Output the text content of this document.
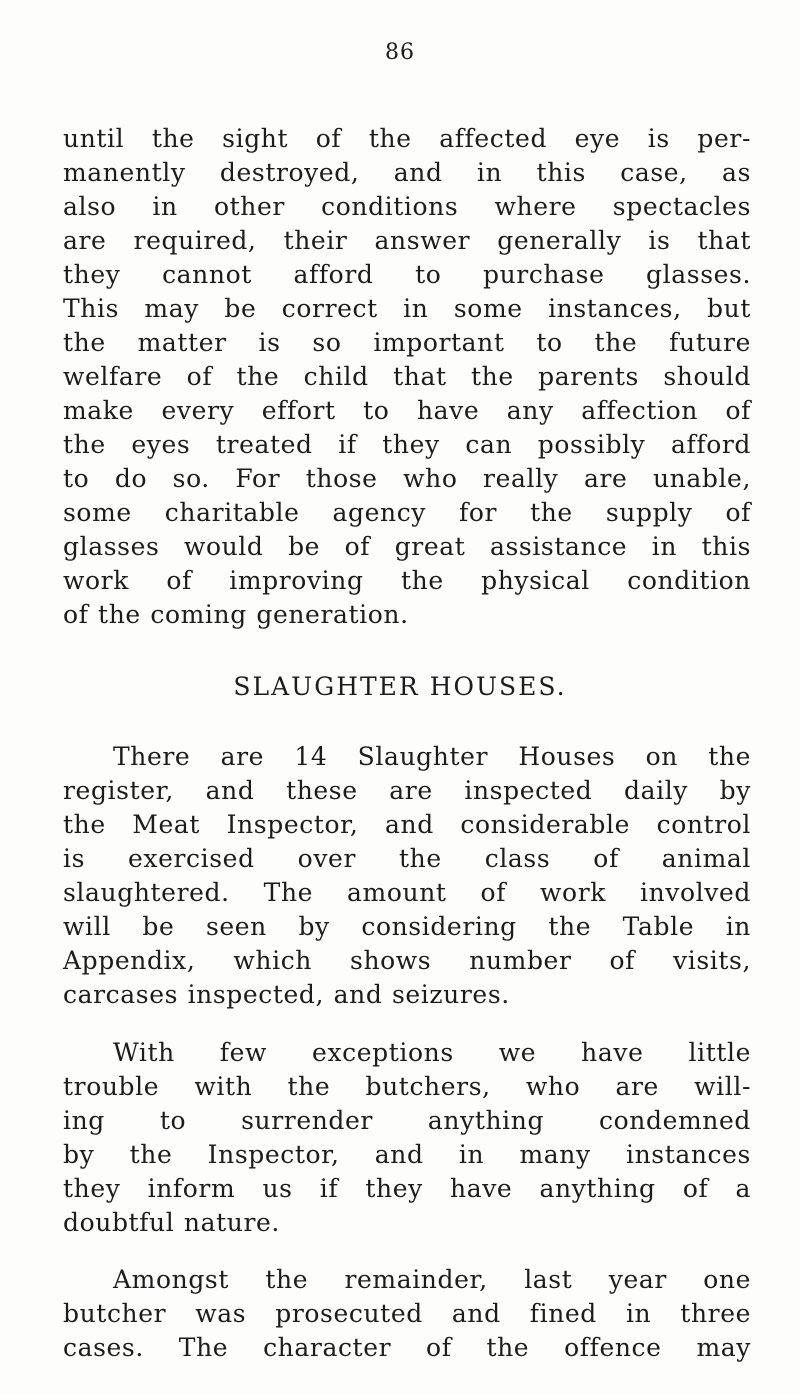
86
until the sight of the affected eye is per-
manently destroyed, and in this case, as
also in other conditions where spectacles
are required, their answer generally is that
they cannot afford to purchase glasses.
This may be correct in some instances, but
the matter is so important to the future
welfare of the child that the parents should
make every effort to have any affection of
the eyes treated if they can possibly afford
to do so. For those who really are unable,
some charitable agency for the supply of
glasses would be of great assistance in this
work of improving the physical condition
of the coming generation.
SLAUGHTER HOUSES.
There are 14 Slaughter Houses on the
register, and these are inspected daily by
the Meat Inspector, and considerable control
is exercised over the class of animal
slaughtered. The amount of work involved
will be seen by considering the Table in
Appendix, which shows number of visits,
carcases inspected, and seizures.
With few exceptions we have little
trouble with the butchers, who are will-
ing to surrender anything condemned
by the Inspector, and in many instances
they inform us if they have anything of a
doubtful nature.
Amongst the remainder, last year one
butcher was prosecuted and fined in three
cases. The character of the offence may
